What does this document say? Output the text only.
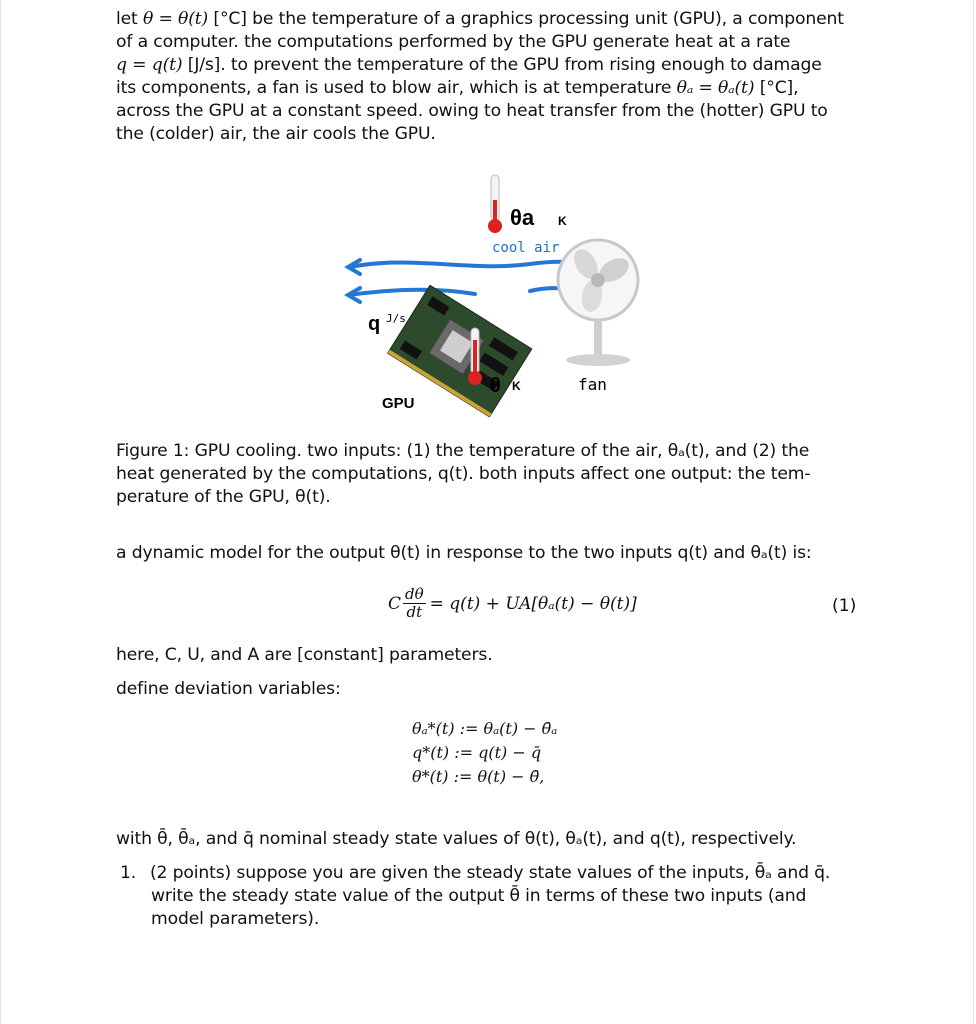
let θ = θ(t) [°C] be the temperature of a graphics processing unit (GPU), a component
of a computer. the computations performed by the GPU generate heat at a rate
q = q(t) [J/s]. to prevent the temperature of the GPU from rising enough to damage
its components, a fan is used to blow air, which is at temperature θₐ = θₐ(t) [°C],
across the GPU at a constant speed. owing to heat transfer from the (hotter) GPU to
the (colder) air, the air cools the GPU.
θa K
cool air
fan
θ K
q J/s
GPU
Figure 1: GPU cooling. two inputs: (1) the temperature of the air, θₐ(t), and (2) the
heat generated by the computations, q(t). both inputs affect one output: the tem-
perature of the GPU, θ(t).
a dynamic model for the output θ(t) in response to the two inputs q(t) and θₐ(t) is:
C $\frac{d\theta}{dt} = q(t) + UA[\theta_a(t) - \theta(t)]$	(1)
here, C, U, and A are [constant] parameters.
define deviation variables:
θₐ*(t) := θₐ(t) − θ̄ₐ
q*(t) := q(t) − q̄
θ*(t) := θ(t) − θ̄,
with θ̄, θ̄ₐ, and q̄ nominal steady state values of θ(t), θₐ(t), and q(t), respectively.
1. (2 points) suppose you are given the steady state values of the inputs, θ̄ₐ and q̄.
write the steady state value of the output θ̄ in terms of these two inputs (and
model parameters).
